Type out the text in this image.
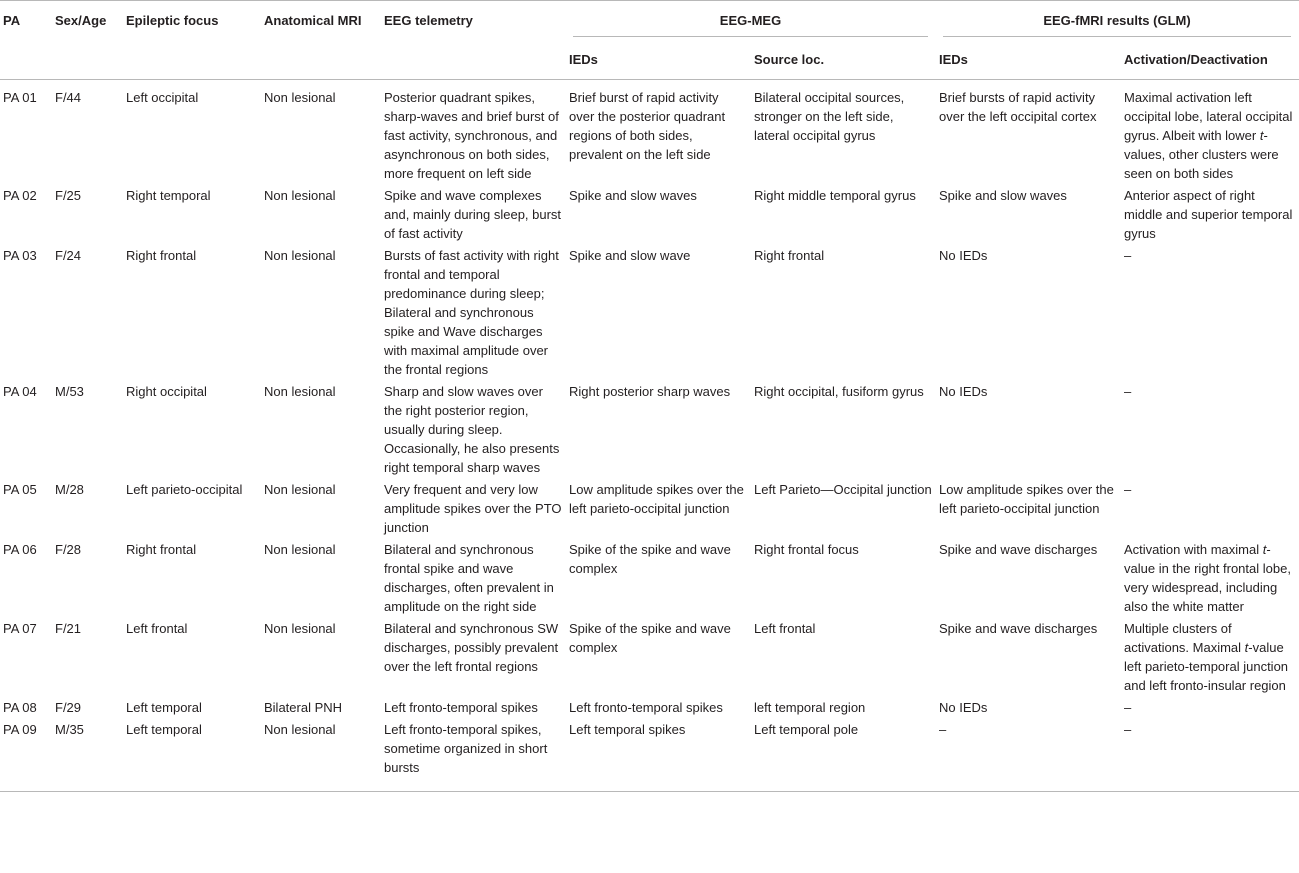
PA	Sex/Age	Epileptic focus	Anatomical MRI	EEG telemetry	EEG-MEG		EEG-fMRI results (GLM)	

					IEDs	Source loc.	IEDs	Activation/Deactivation
PA 01	F/44	Left occipital	Non lesional	Posterior quadrant spikes, sharp-waves and brief burst of fast activity, synchronous, and asynchronous on both sides, more frequent on left side	Brief burst of rapid activity over the posterior quadrant regions of both sides, prevalent on the left side	Bilateral occipital sources, stronger on the left side, lateral occipital gyrus	Brief bursts of rapid activity over the left occipital cortex	Maximal activation left occipital lobe, lateral occipital gyrus. Albeit with lower t-values, other clusters were seen on both sides
PA 02	F/25	Right temporal	Non lesional	Spike and wave complexes and, mainly during sleep, burst of fast activity	Spike and slow waves	Right middle temporal gyrus	Spike and slow waves	Anterior aspect of right middle and superior temporal gyrus
PA 03	F/24	Right frontal	Non lesional	Bursts of fast activity with right frontal and temporal predominance during sleep; Bilateral and synchronous spike and Wave discharges with maximal amplitude over the frontal regions	Spike and slow wave	Right frontal	No IEDs	–
PA 04	M/53	Right occipital	Non lesional	Sharp and slow waves over the right posterior region, usually during sleep. Occasionally, he also presents right temporal sharp waves	Right posterior sharp waves	Right occipital, fusiform gyrus	No IEDs	–
PA 05	M/28	Left parieto-occipital	Non lesional	Very frequent and very low amplitude spikes over the PTO junction	Low amplitude spikes over the left parieto-occipital junction	Left Parieto—Occipital junction	Low amplitude spikes over the left parieto-occipital junction	–
PA 06	F/28	Right frontal	Non lesional	Bilateral and synchronous frontal spike and wave discharges, often prevalent in amplitude on the right side	Spike of the spike and wave complex	Right frontal focus	Spike and wave discharges	Activation with maximal t-value in the right frontal lobe, very widespread, including also the white matter
PA 07	F/21	Left frontal	Non lesional	Bilateral and synchronous SW discharges, possibly prevalent over the left frontal regions	Spike of the spike and wave complex	Left frontal	Spike and wave discharges	Multiple clusters of activations. Maximal t-value left parieto-temporal junction and left fronto-insular region
PA 08	F/29	Left temporal	Bilateral PNH	Left fronto-temporal spikes	Left fronto-temporal spikes	left temporal region	No IEDs	–
PA 09	M/35	Left temporal	Non lesional	Left fronto-temporal spikes, sometime organized in short bursts	Left temporal spikes	Left temporal pole	–	–
